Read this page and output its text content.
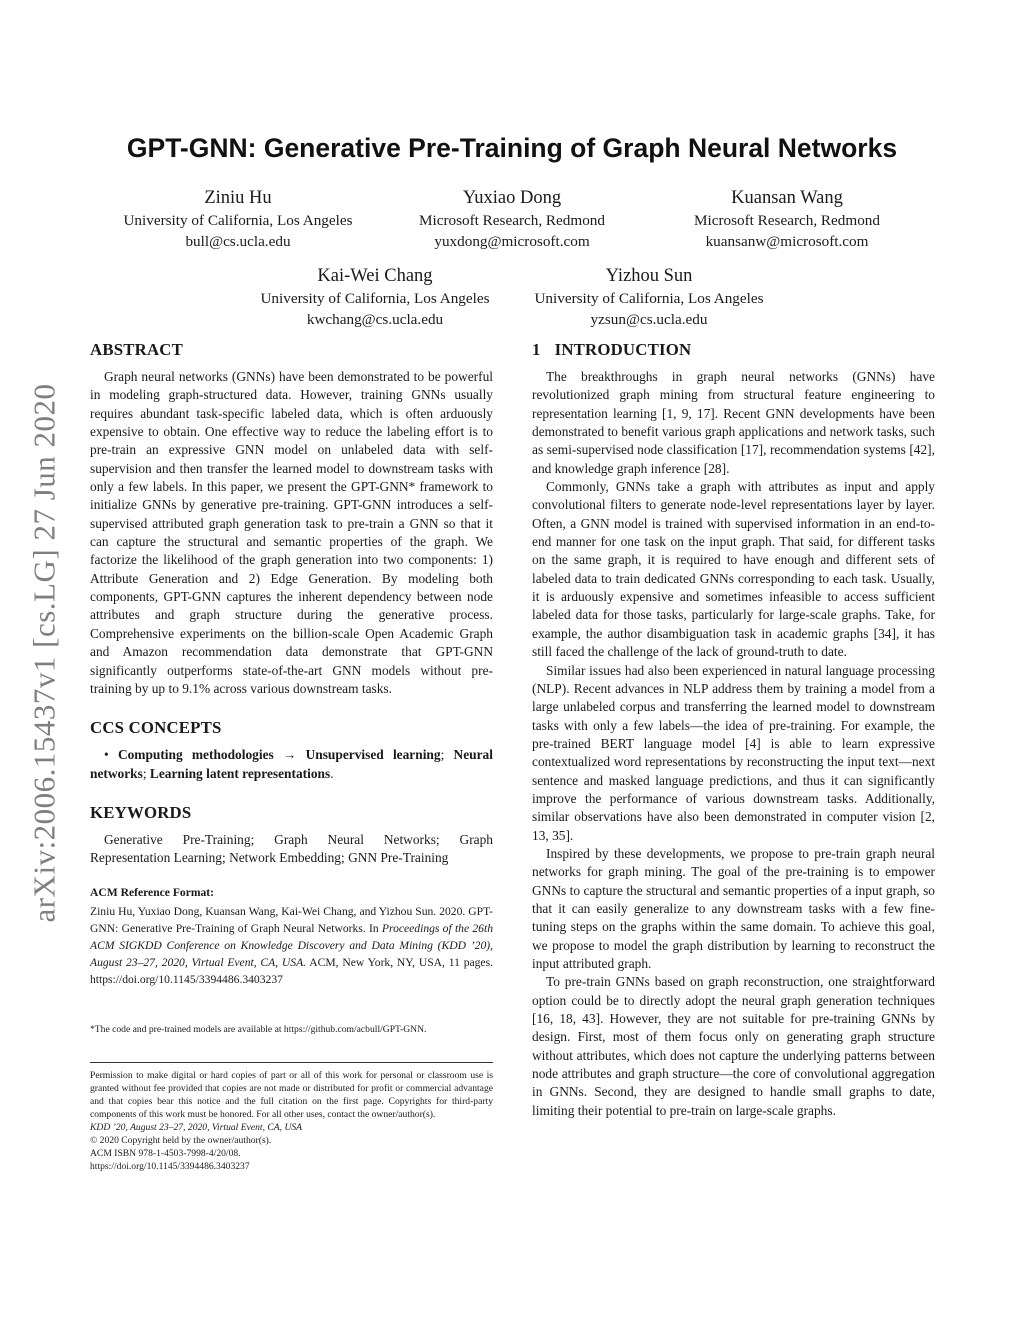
arXiv:2006.15437v1 [cs.LG] 27 Jun 2020
GPT-GNN: Generative Pre-Training of Graph Neural Networks
Ziniu Hu
University of California, Los Angeles
bull@cs.ucla.edu
Yuxiao Dong
Microsoft Research, Redmond
yuxdong@microsoft.com
Kuansan Wang
Microsoft Research, Redmond
kuansanw@microsoft.com
Kai-Wei Chang
University of California, Los Angeles
kwchang@cs.ucla.edu
Yizhou Sun
University of California, Los Angeles
yzsun@cs.ucla.edu
ABSTRACT

Graph neural networks (GNNs) have been demonstrated to be powerful in modeling graph-structured data. However, training GNNs usually requires abundant task-specific labeled data, which is often arduously expensive to obtain. One effective way to reduce the labeling effort is to pre-train an expressive GNN model on unlabeled data with self-supervision and then transfer the learned model to downstream tasks with only a few labels. In this paper, we present the GPT-GNN* framework to initialize GNNs by generative pre-training. GPT-GNN introduces a self-supervised attributed graph generation task to pre-train a GNN so that it can capture the structural and semantic properties of the graph. We factorize the likelihood of the graph generation into two components: 1) Attribute Generation and 2) Edge Generation. By modeling both components, GPT-GNN captures the inherent dependency between node attributes and graph structure during the generative process. Comprehensive experiments on the billion-scale Open Academic Graph and Amazon recommendation data demonstrate that GPT-GNN significantly outperforms state-of-the-art GNN models without pre-training by up to 9.1% across various downstream tasks.

CCS CONCEPTS

• Computing methodologies → Unsupervised learning; Neural networks; Learning latent representations.

KEYWORDS

Generative Pre-Training; Graph Neural Networks; Graph Representation Learning; Network Embedding; GNN Pre-Training

ACM Reference Format:

Ziniu Hu, Yuxiao Dong, Kuansan Wang, Kai-Wei Chang, and Yizhou Sun. 2020. GPT-GNN: Generative Pre-Training of Graph Neural Networks. In Proceedings of the 26th ACM SIGKDD Conference on Knowledge Discovery and Data Mining (KDD ’20), August 23–27, 2020, Virtual Event, CA, USA. ACM, New York, NY, USA, 11 pages. https://doi.org/10.1145/3394486.3403237

*The code and pre-trained models are available at https://github.com/acbull/GPT-GNN.

Permission to make digital or hard copies of part or all of this work for personal or classroom use is granted without fee provided that copies are not made or distributed for profit or commercial advantage and that copies bear this notice and the full citation on the first page. Copyrights for third-party components of this work must be honored. For all other uses, contact the owner/author(s).

KDD ’20, August 23–27, 2020, Virtual Event, CA, USA

© 2020 Copyright held by the owner/author(s).

ACM ISBN 978-1-4503-7998-4/20/08.

https://doi.org/10.1145/3394486.3403237

1 INTRODUCTION

The breakthroughs in graph neural networks (GNNs) have revolutionized graph mining from structural feature engineering to representation learning [1, 9, 17]. Recent GNN developments have been demonstrated to benefit various graph applications and network tasks, such as semi-supervised node classification [17], recommendation systems [42], and knowledge graph inference [28].

Commonly, GNNs take a graph with attributes as input and apply convolutional filters to generate node-level representations layer by layer. Often, a GNN model is trained with supervised information in an end-to-end manner for one task on the input graph. That said, for different tasks on the same graph, it is required to have enough and different sets of labeled data to train dedicated GNNs corresponding to each task. Usually, it is arduously expensive and sometimes infeasible to access sufficient labeled data for those tasks, particularly for large-scale graphs. Take, for example, the author disambiguation task in academic graphs [34], it has still faced the challenge of the lack of ground-truth to date.

Similar issues had also been experienced in natural language processing (NLP). Recent advances in NLP address them by training a model from a large unlabeled corpus and transferring the learned model to downstream tasks with only a few labels—the idea of pre-training. For example, the pre-trained BERT language model [4] is able to learn expressive contextualized word representations by reconstructing the input text—next sentence and masked language predictions, and thus it can significantly improve the performance of various downstream tasks. Additionally, similar observations have also been demonstrated in computer vision [2, 13, 35].

Inspired by these developments, we propose to pre-train graph neural networks for graph mining. The goal of the pre-training is to empower GNNs to capture the structural and semantic properties of a input graph, so that it can easily generalize to any downstream tasks with a few fine-tuning steps on the graphs within the same domain. To achieve this goal, we propose to model the graph distribution by learning to reconstruct the input attributed graph.

To pre-train GNNs based on graph reconstruction, one straightforward option could be to directly adopt the neural graph generation techniques [16, 18, 43]. However, they are not suitable for pre-training GNNs by design. First, most of them focus only on generating graph structure without attributes, which does not capture the underlying patterns between node attributes and graph structure—the core of convolutional aggregation in GNNs. Second, they are designed to handle small graphs to date, limiting their potential to pre-train on large-scale graphs.
